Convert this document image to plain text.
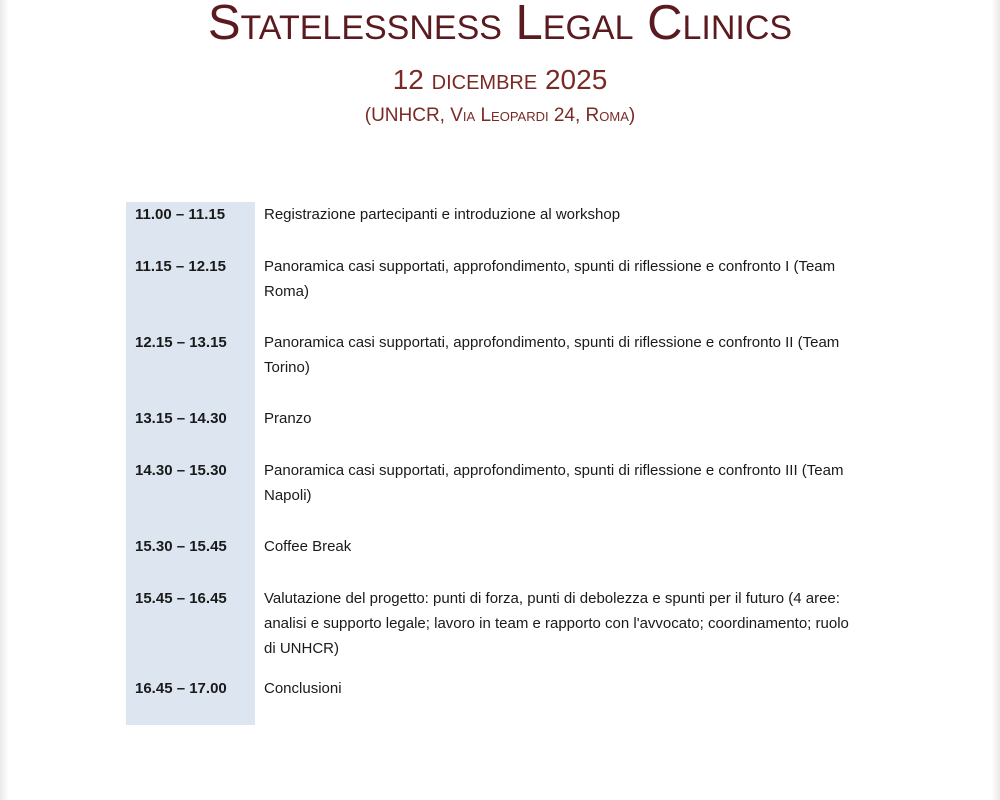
Statelessness Legal Clinics
12 dicembre 2025
(UNHCR, Via Leopardi 24, Roma)
11.00 – 11.15	Registrazione partecipanti e introduzione al workshop
11.15 – 12.15	Panoramica casi supportati, approfondimento, spunti di riflessione e confronto I (Team Roma)
12.15 – 13.15	Panoramica casi supportati, approfondimento, spunti di riflessione e confronto II (Team Torino)
13.15 – 14.30	Pranzo
14.30 – 15.30	Panoramica casi supportati, approfondimento, spunti di riflessione e confronto III (Team Napoli)
15.30 – 15.45	Coffee Break
15.45 – 16.45	Valutazione del progetto: punti di forza, punti di debolezza e spunti per il futuro (4 aree: analisi e supporto legale; lavoro in team e rapporto con l'avvocato; coordinamento; ruolo di UNHCR)
16.45 – 17.00	Conclusioni
